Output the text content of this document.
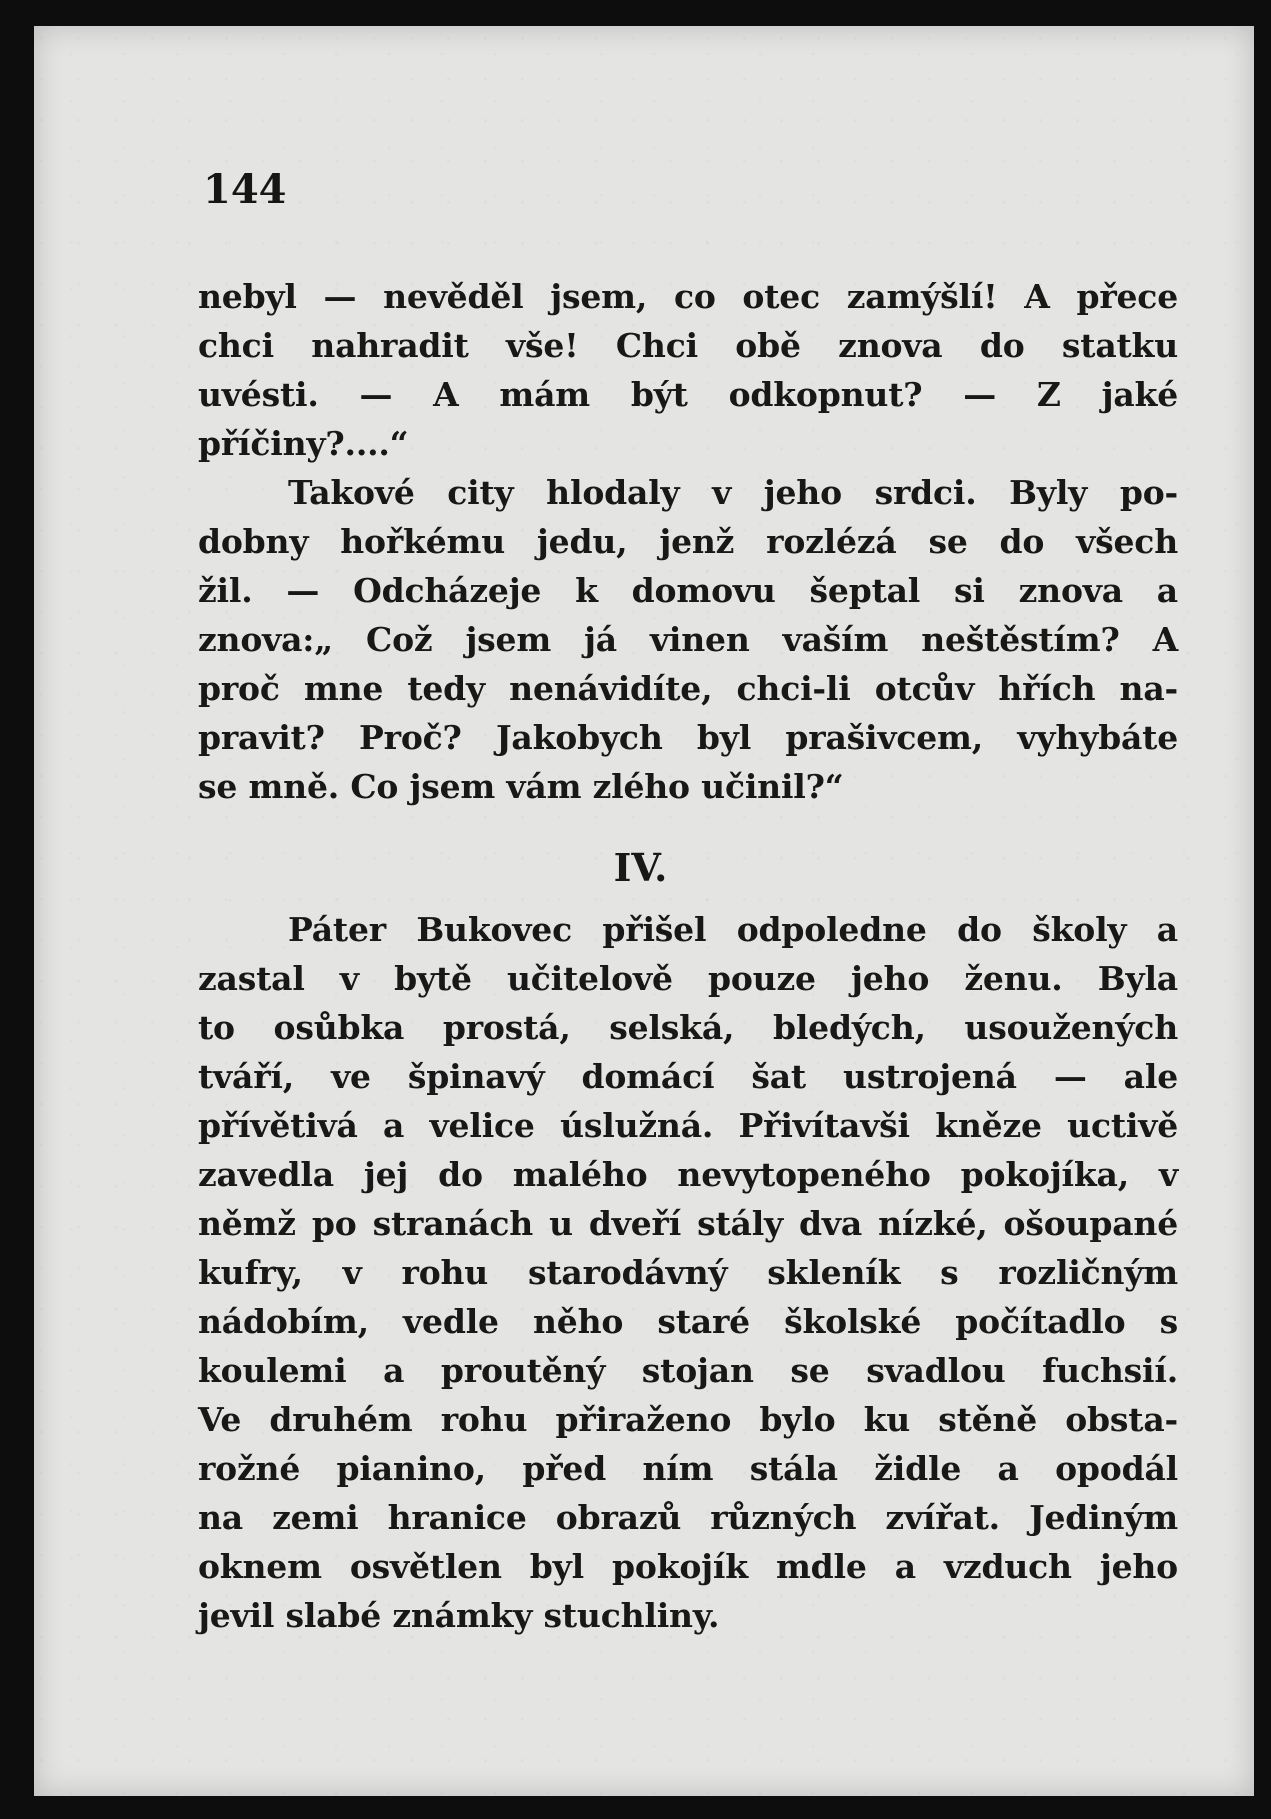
144
nebyl — nevěděl jsem, co otec zamýšlí! A přece
chci nahradit vše! Chci obě znova do statku
uvésti. — A mám být odkopnut? — Z jaké
příčiny?....“
Takové city hlodaly v jeho srdci. Byly po-
dobny hořkému jedu, jenž rozlézá se do všech
žil. — Odcházeje k domovu šeptal si znova a
znova:„ Což jsem já vinen vaším neštěstím? A
proč mne tedy nenávidíte, chci-li otcův hřích na-
pravit? Proč? Jakobych byl prašivcem, vyhybáte
se mně. Co jsem vám zlého učinil?“
IV.
Páter Bukovec přišel odpoledne do školy a
zastal v bytě učitelově pouze jeho ženu. Byla
to osůbka prostá, selská, bledých, usoužených
tváří, ve špinavý domácí šat ustrojená — ale
přívětivá a velice úslužná. Přivítavši kněze uctivě
zavedla jej do malého nevytopeného pokojíka, v
němž po stranách u dveří stály dva nízké, ošoupané
kufry, v rohu starodávný skleník s rozličným
nádobím, vedle něho staré školské počítadlo s
koulemi a proutěný stojan se svadlou fuchsií.
Ve druhém rohu přiraženo bylo ku stěně obsta-
rožné pianino, před ním stála židle a opodál
na zemi hranice obrazů různých zvířat. Jediným
oknem osvětlen byl pokojík mdle a vzduch jeho
jevil slabé známky stuchliny.
